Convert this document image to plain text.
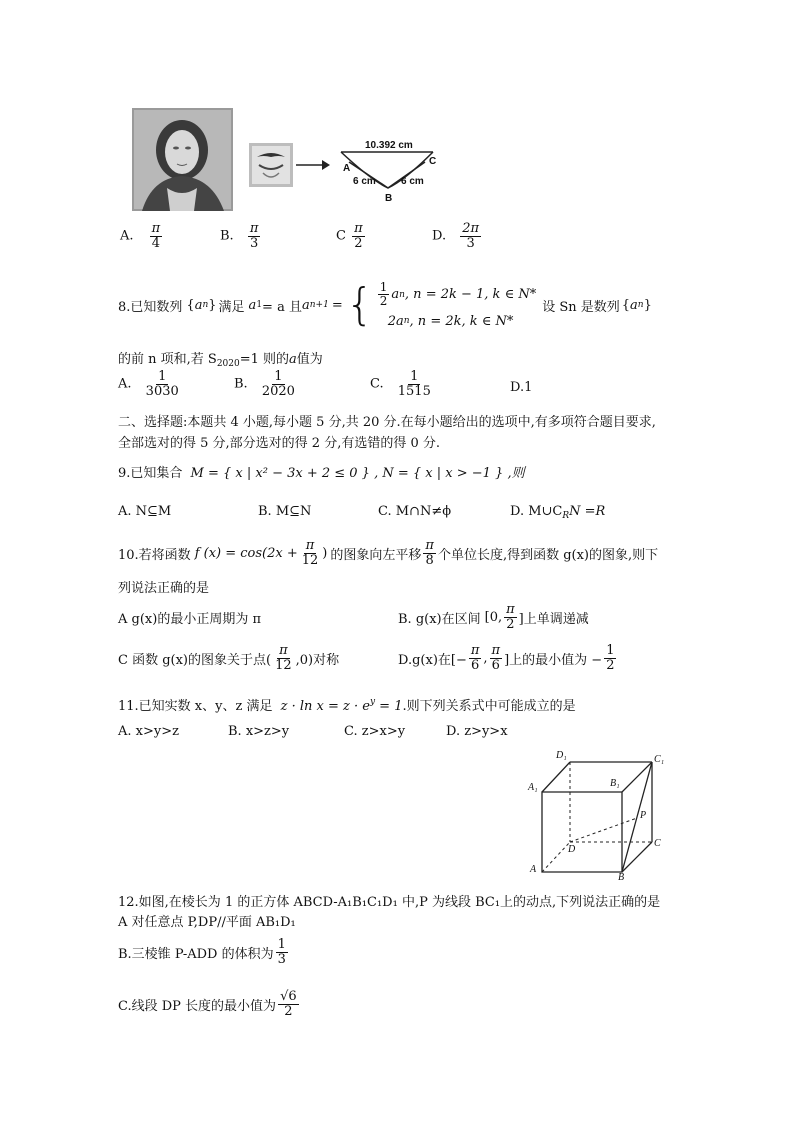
10.392 cm
A
C
6 cm	6 cm
B
A. $\frac{\pi}{4}$	B. $\frac{\pi}{3}$	C $\frac{\pi}{2}$	D. $\frac{2\pi}{3}$
8.已知数列 { a n } 满足 a 1 = a 且 a n+1 = { $\frac{1}{2}$ a n , n = 2k − 1, k ∈ N*
2a n , n = 2k, k ∈ N*
设 Sn 是数列 { a n }
的前 n 项和,若 $S_{2020}=1$ 则的a值为
A. $\frac{1}{3030}$	B. $\frac{1}{2020}$	C. $\frac{1}{1515}$	D.1
二、选择题:本题共 4 小题,每小题 5 分,共 20 分.在每小题给出的选项中,有多项符合题目要求,
全部选对的得 5 分,部分选对的得 2 分,有选错的得 0 分.
9.已知集合 M = { x | x² − 3x + 2 ≤ 0 } , N = { x | x > −1 } ,则
A. N⊆M	B. M⊆N	C. M∩N≠ϕ	D. $M\cup C_RN =R$
10.若将函数 f $(x) = \cos(2x + \frac{\pi}{12}$ ) 的图象向左平移 $\frac{\pi}{8}$ 个单位长度,得到函数 g(x)的图象,则下
列说法正确的是
A g(x)的最小正周期为 π	B. g(x)在区间 [0, $\frac{\pi}{2}$ ]上单调递减
C 函数 g(x)的图象关于点( $\frac{\pi}{12} ,0$)对称	D.g(x)在[− $\frac{\pi}{6}$ , $\frac{\pi}{6}$ ]上的最小值为 − $\frac{1}{2}$
11.已知实数 x、y、z 满足 $z \cdot \ln x = z \cdot e^y = 1$.则下列关系式中可能成立的是
A. x>y>z	B. x>z>y	C. z>x>y	D. z>y>x
D₁	C₁
A₁	B₁
P
D
C
A
B
12.如图,在棱长为 1 的正方体 ABCD-A₁B₁C₁D₁ 中,P 为线段 BC₁上的动点,下列说法正确的是
A 对任意点 P,DP//平面 AB₁D₁
B.三棱锥 P-ADD 的体积为 $\frac{1}{3}$
C.线段 DP 长度的最小值为 $\frac{√6}{2}$
